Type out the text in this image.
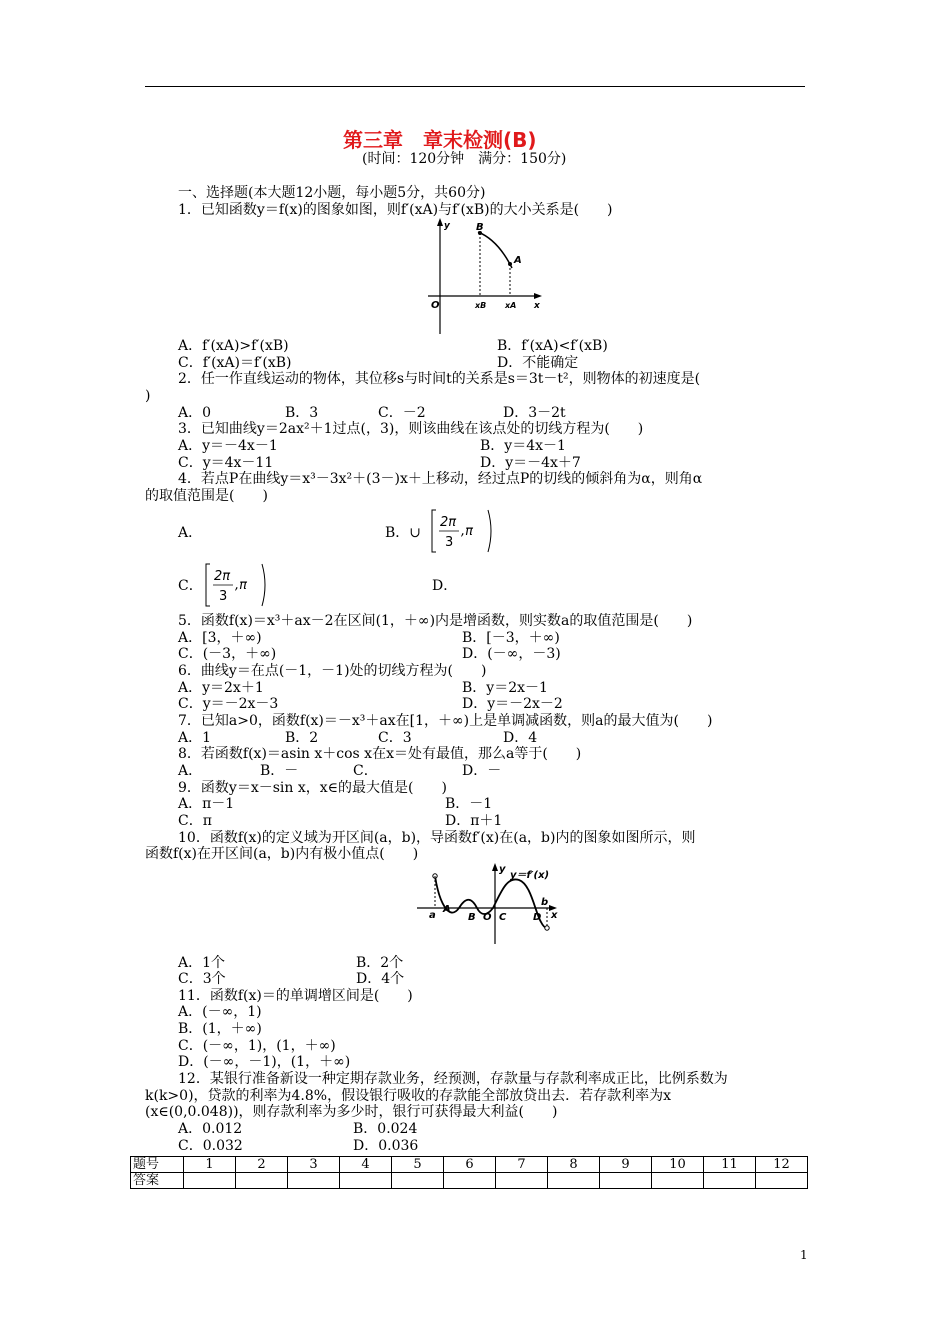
第三章　章末检测(B)
(时间：120分钟　满分：150分)
一、选择题(本大题12小题，每小题5分，共60分)
1．已知函数y＝f(x)的图象如图，则f′(xA)与f′(xB)的大小关系是(　　)
O
y
x
B
A
xB xA
A．f′(xA)>f′(xB)	B．f′(xA)<f′(xB)
C．f′(xA)＝f′(xB)	D．不能确定
2．任一作直线运动的物体，其位移s与时间t的关系是s＝3t－t²，则物体的初速度是(
)
A．0	B．3	C．－2	D．3－2t
3．已知曲线y＝2ax²＋1过点(，3)，则该曲线在该点处的切线方程为(　　)
A．y＝－4x－1	B．y＝4x－1
C．y＝4x－11	D．y＝－4x＋7
4．若点P在曲线y＝x³－3x²＋(3－)x＋上移动，经过点P的切线的倾斜角为α，则角α
的取值范围是(　　)
A．	B．∪
2π
3
,π
C．
2π
3
,π	D．
5．函数f(x)＝x³＋ax－2在区间(1，＋∞)内是增函数，则实数a的取值范围是(　　)
A．[3，＋∞)	B．[－3，＋∞)
C．(－3，＋∞)	D．(－∞，－3)
6．曲线y＝在点(－1，－1)处的切线方程为(　　)
A．y＝2x＋1	B．y＝2x－1
C．y＝－2x－3	D．y＝－2x－2
7．已知a>0，函数f(x)＝－x³＋ax在[1，＋∞)上是单调减函数，则a的最大值为(　　)
A．1	B．2	C．3	D．4
8．若函数f(x)＝asin x＋cos x在x＝处有最值，那么a等于(　　)
A．	B．－	C．	D．－
9．函数y＝x－sin x，x∈的最大值是(　　)
A．π－1	B．－1
C．π	D．π＋1
10．函数f(x)的定义域为开区间(a，b)，导函数f′(x)在(a，b)内的图象如图所示，则
函数f(x)在开区间(a，b)内有极小值点(　　)
y
y＝f′(x)
a
A
B O C	D
b
x
A．1个	B．2个
C．3个	D．4个
11．函数f(x)＝的单调增区间是(　　)
A．(－∞，1)
B．(1，＋∞)
C．(－∞，1)，(1，＋∞)
D．(－∞，－1)，(1，＋∞)
12．某银行准备新设一种定期存款业务，经预测，存款量与存款利率成正比，比例系数为
k(k>0)，贷款的利率为4.8%，假设银行吸收的存款能全部放贷出去．若存款利率为x
(x∈(0,0.048))，则存款利率为多少时，银行可获得最大利益(　　)
A．0.012	B．0.024
C．0.032	D．0.036
题号	1	2	3	4	5	6	7	8	9	10	11	12
答案												
1
